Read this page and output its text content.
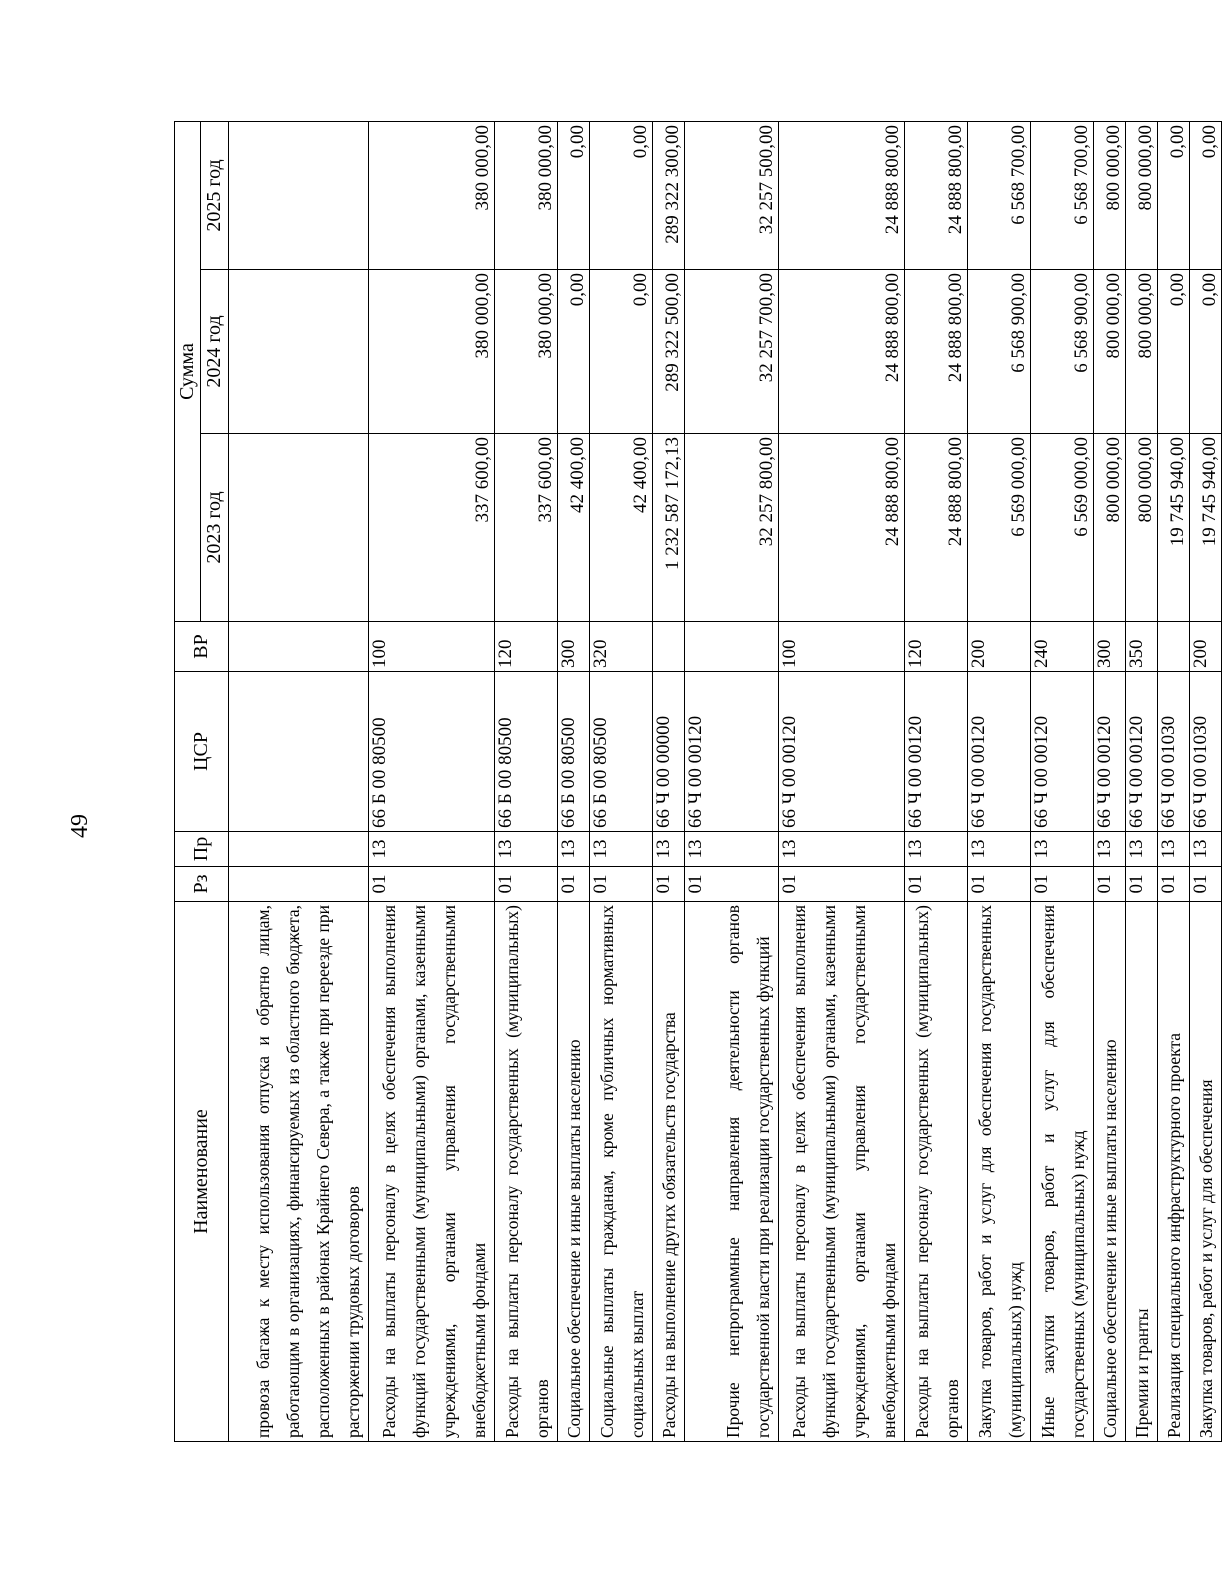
49
Наименование	Рз	Пр	ЦСР	ВР	Сумма		
					2023 год	2024 год	2025 год
провоза багажа к месту использования отпуска и обратно лицам, работающим в организациях, финансируемых из областного бюджета, расположенных в районах Крайнего Севера, а также при переезде при расторжении трудовых договоров							
Расходы на выплаты персоналу в целях обеспечения выполнения функций государственными (муниципальными) органами, казенными учреждениями, органами управления государственными внебюджетными фондами	01	13	66 Б 00 80500	100	337 600,00	380 000,00	380 000,00
Расходы на выплаты персоналу государственных (муниципальных) органов	01	13	66 Б 00 80500	120	337 600,00	380 000,00	380 000,00
Социальное обеспечение и иные выплаты населению	01	13	66 Б 00 80500	300	42 400,00	0,00	0,00
Социальные выплаты гражданам, кроме публичных нормативных социальных выплат	01	13	66 Б 00 80500	320	42 400,00	0,00	0,00
Расходы на выполнение других обязательств государства	01	13	66 Ч 00 00000		1 232 587 172,13	289 322 500,00	289 322 300,00
Прочие непрограммные направления деятельности органов государственной власти при реализации государственных функций	01	13	66 Ч 00 00120		32 257 800,00	32 257 700,00	32 257 500,00
Расходы на выплаты персоналу в целях обеспечения выполнения функций государственными (муниципальными) органами, казенными учреждениями, органами управления государственными внебюджетными фондами	01	13	66 Ч 00 00120	100	24 888 800,00	24 888 800,00	24 888 800,00
Расходы на выплаты персоналу государственных (муниципальных) органов	01	13	66 Ч 00 00120	120	24 888 800,00	24 888 800,00	24 888 800,00
Закупка товаров, работ и услуг для обеспечения государственных (муниципальных) нужд	01	13	66 Ч 00 00120	200	6 569 000,00	6 568 900,00	6 568 700,00
Иные закупки товаров, работ и услуг для обеспечения государственных (муниципальных) нужд	01	13	66 Ч 00 00120	240	6 569 000,00	6 568 900,00	6 568 700,00
Социальное обеспечение и иные выплаты населению	01	13	66 Ч 00 00120	300	800 000,00	800 000,00	800 000,00
Премии и гранты	01	13	66 Ч 00 00120	350	800 000,00	800 000,00	800 000,00
Реализация специального инфраструктурного проекта	01	13	66 Ч 00 01030		19 745 940,00	0,00	0,00
Закупка товаров, работ и услуг для обеспечения	01	13	66 Ч 00 01030	200	19 745 940,00	0,00	0,00
